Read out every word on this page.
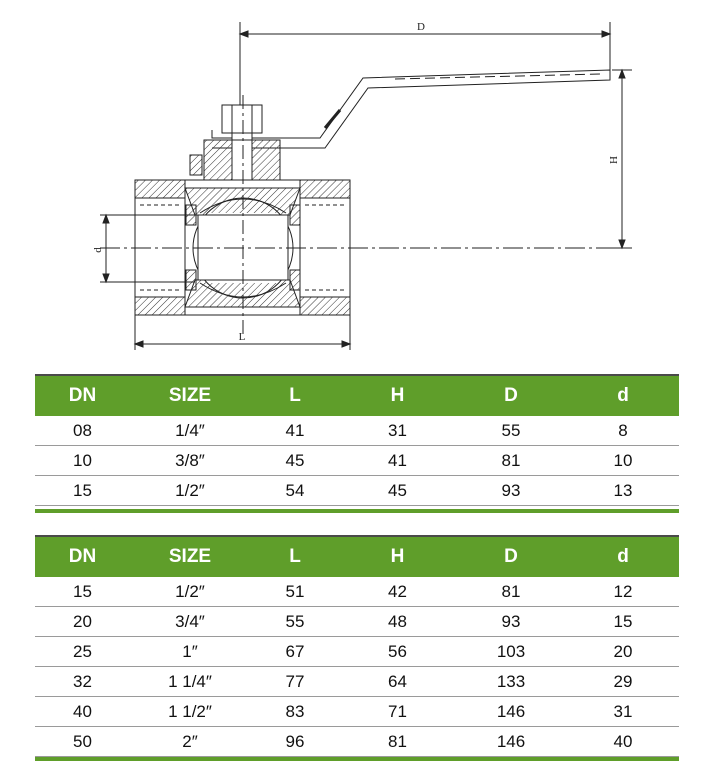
D
H
d
L
DN	SIZE	L	H	D	d
08	1/4″	41	31	55	8
10	3/8″	45	41	81	10
15	1/2″	54	45	93	13
DN	SIZE	L	H	D	d
15	1/2″	51	42	81	12
20	3/4″	55	48	93	15
25	1″	67	56	103	20
32	1 1/4″	77	64	133	29
40	1 1/2″	83	71	146	31
50	2″	96	81	146	40
